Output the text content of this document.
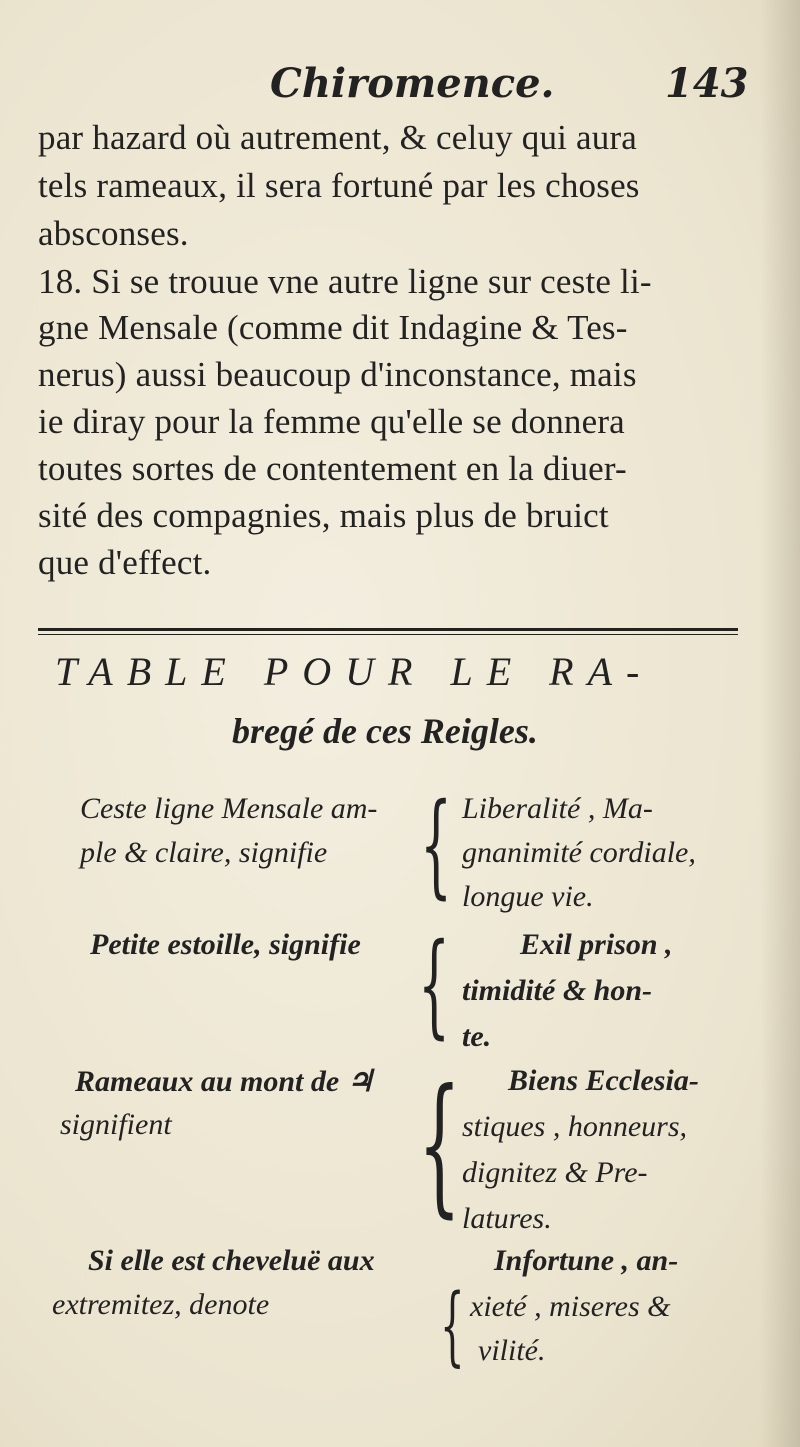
Chiromence.	143
par hazard où autrement, & celuy qui aura
tels rameaux, il sera fortuné par les choses
absconses.
18. Si se trouue vne autre ligne sur ceste li-
gne Mensale (comme dit Indagine & Tes-
nerus) aussi beaucoup d'inconstance, mais
ie diray pour la femme qu'elle se donnera
toutes sortes de contentement en la diuer-
sité des compagnies, mais plus de bruict
que d'effect.
TABLE POUR LE RA-
bregé de ces Reigles.
Ceste ligne Mensale am-
ple & claire, signifie { Liberalité , Ma-
gnanimité cordiale,
longue vie.
Petite estoille, signifie { Exil prison ,
timidité & hon-
te.
Rameaux au mont de ♃
signifient { Biens Ecclesia-
stiques , honneurs,
dignitez & Pre-
latures.
Si elle est cheveluë aux
extremitez, denote {
Infortune , an-
xieté , miseres &
vilité.
